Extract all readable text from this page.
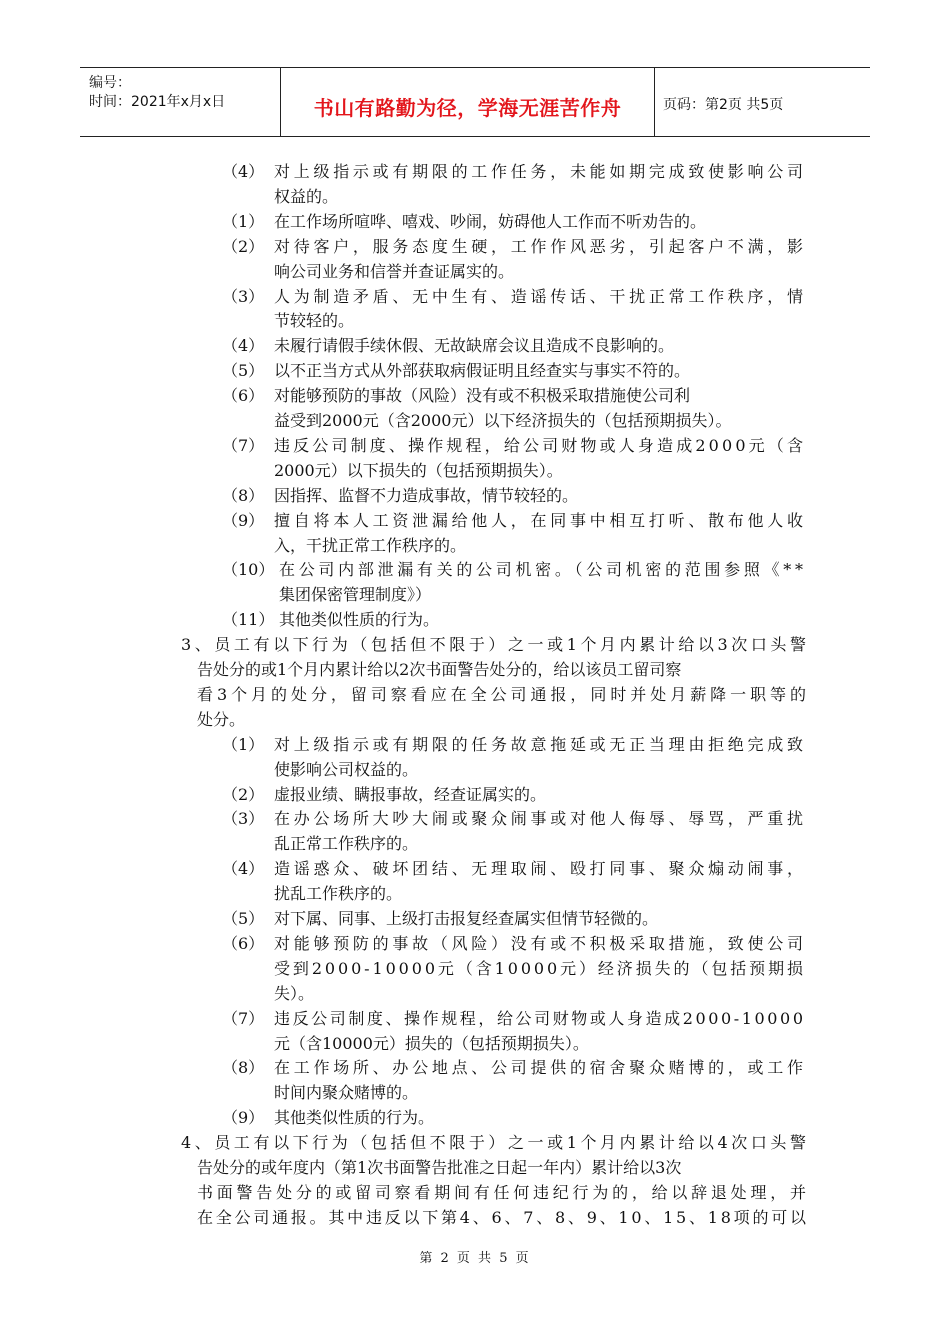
编号：
时间：2021年x月x日	书山有路勤为径，学海无涯苦作舟	页码：第2页 共5页
（4） 对上级指示或有期限的工作任务，未能如期完成致使影响公司
权益的。
（1） 在工作场所喧哗、嘻戏、吵闹，妨碍他人工作而不听劝告的。
（2） 对待客户，服务态度生硬，工作作风恶劣，引起客户不满，影
响公司业务和信誉并查证属实的。
（3） 人为制造矛盾、无中生有、造谣传话、干扰正常工作秩序，情
节较轻的。
（4） 未履行请假手续休假、无故缺席会议且造成不良影响的。
（5） 以不正当方式从外部获取病假证明且经查实与事实不符的。
（6） 对能够预防的事故（风险）没有或不积极采取措施使公司利
益受到2000元（含2000元）以下经济损失的（包括预期损失）。
（7） 违反公司制度、操作规程，给公司财物或人身造成2000元（含
2000元）以下损失的（包括预期损失）。
（8） 因指挥、监督不力造成事故，情节较轻的。
（9） 擅自将本人工资泄漏给他人，在同事中相互打听、散布他人收
入，干扰正常工作秩序的。
（10） 在公司内部泄漏有关的公司机密。（公司机密的范围参照《**
集团保密管理制度》）
（11） 其他类似性质的行为。
3、员工有以下行为（包括但不限于）之一或1个月内累计给以3次口头警
告处分的或1个月内累计给以2次书面警告处分的，给以该员工留司察
看3个月的处分，留司察看应在全公司通报，同时并处月薪降一职等的
处分。
（1） 对上级指示或有期限的任务故意拖延或无正当理由拒绝完成致
使影响公司权益的。
（2） 虚报业绩、瞒报事故，经查证属实的。
（3） 在办公场所大吵大闹或聚众闹事或对他人侮辱、辱骂，严重扰
乱正常工作秩序的。
（4） 造谣惑众、破坏团结、无理取闹、殴打同事、聚众煽动闹事，
扰乱工作秩序的。
（5） 对下属、同事、上级打击报复经查属实但情节轻微的。
（6） 对能够预防的事故（风险）没有或不积极采取措施，致使公司
受到2000-10000元（含10000元）经济损失的（包括预期损
失）。
（7） 违反公司制度、操作规程，给公司财物或人身造成2000-10000
元（含10000元）损失的（包括预期损失）。
（8） 在工作场所、办公地点、公司提供的宿舍聚众赌博的，或工作
时间内聚众赌博的。
（9） 其他类似性质的行为。
4、员工有以下行为（包括但不限于）之一或1个月内累计给以4次口头警
告处分的或年度内（第1次书面警告批准之日起一年内）累计给以3次
书面警告处分的或留司察看期间有任何违纪行为的，给以辞退处理，并
在全公司通报。其中违反以下第4、6、7、8、9、10、15、18项的可以
第 2 页 共 5 页
